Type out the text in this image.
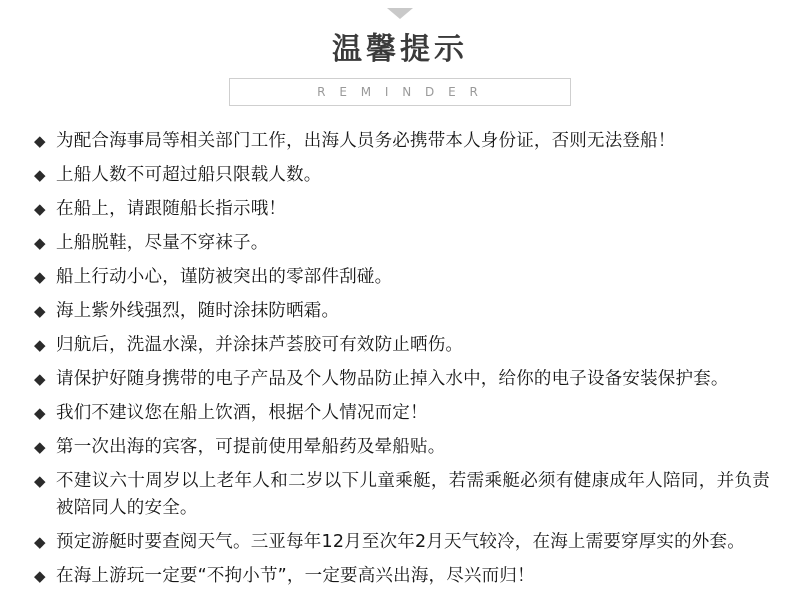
温馨提示
R E M I N D E R
◆ 为配合海事局等相关部门工作，出海人员务必携带本人身份证，否则无法登船！
◆ 上船人数不可超过船只限载人数。
◆ 在船上，请跟随船长指示哦！
◆ 上船脱鞋，尽量不穿袜子。
◆ 船上行动小心，谨防被突出的零部件刮碰。
◆ 海上紫外线强烈，随时涂抹防晒霜。
◆ 归航后，洗温水澡，并涂抹芦荟胶可有效防止晒伤。
◆ 请保护好随身携带的电子产品及个人物品防止掉入水中，给你的电子设备安装保护套。
◆ 我们不建议您在船上饮酒，根据个人情况而定！
◆ 第一次出海的宾客，可提前使用晕船药及晕船贴。
◆ 不建议六十周岁以上老年人和二岁以下儿童乘艇，若需乘艇必须有健康成年人陪同，并负责被陪同人的安全。
◆ 预定游艇时要查阅天气。三亚每年12月至次年2月天气较冷，在海上需要穿厚实的外套。
◆ 在海上游玩一定要“不拘小节”，一定要高兴出海，尽兴而归！
